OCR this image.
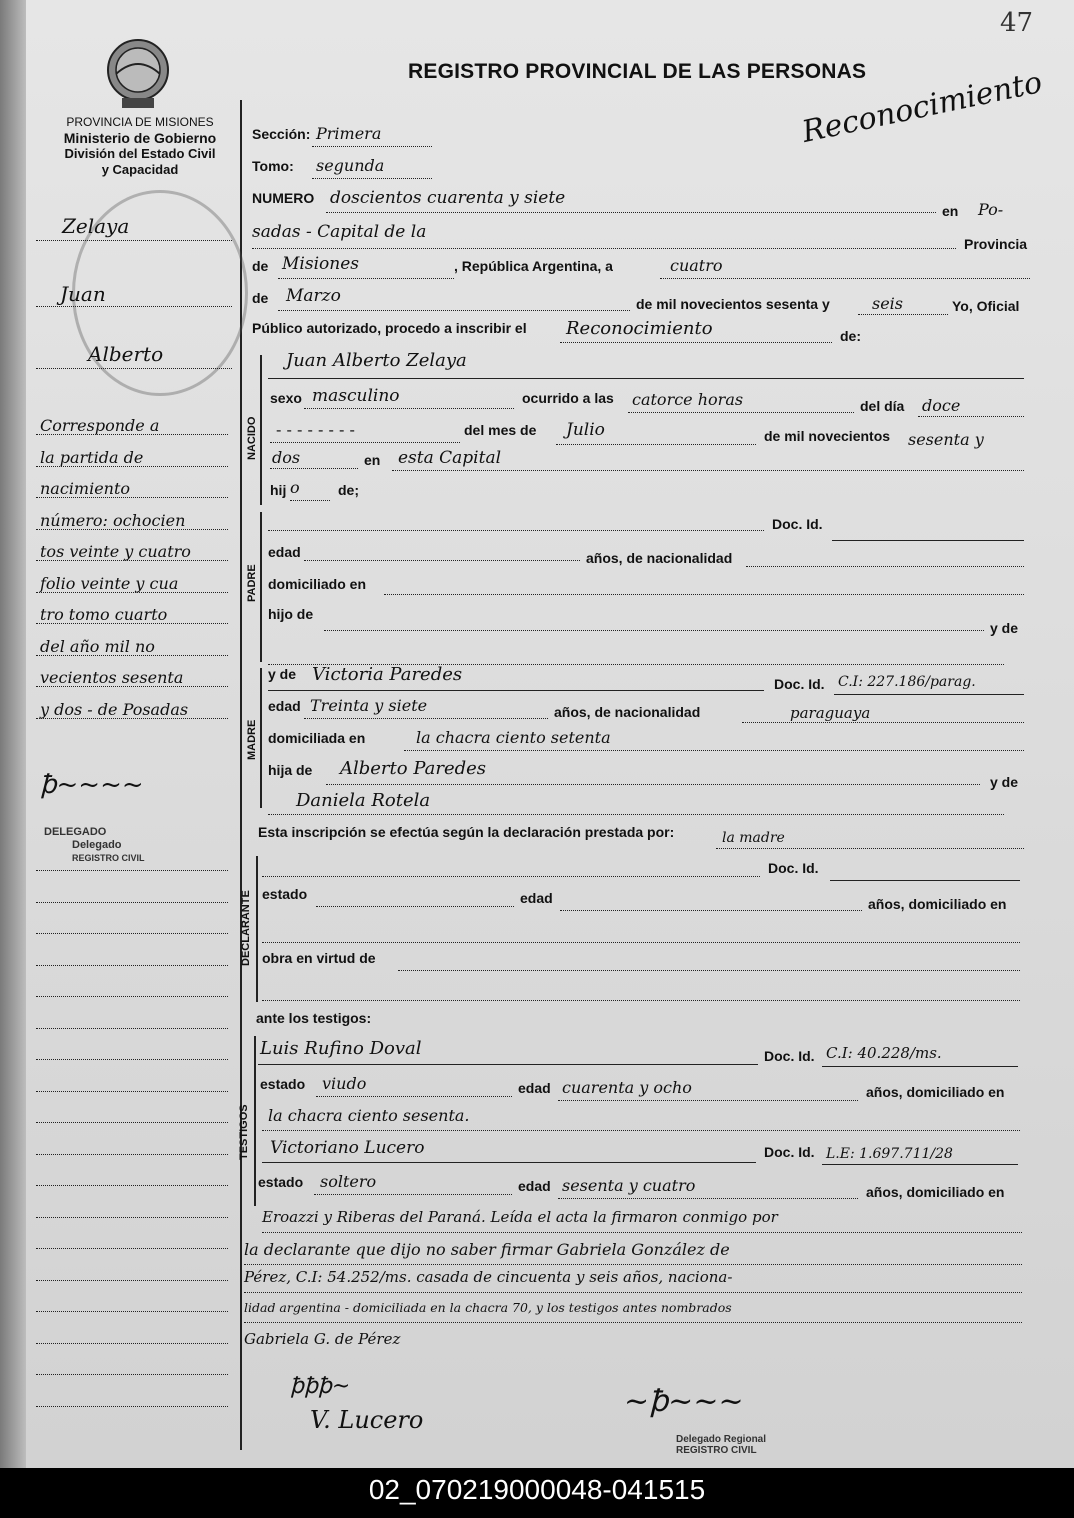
47
PROVINCIA DE MISIONES
Ministerio de Gobierno
División del Estado Civil
y Capacidad
REGISTRO PROVINCIAL DE LAS PERSONAS
Reconocimiento
Zelaya
Juan
Alberto
Corresponde a
la partida de
nacimiento
número: ochocien
tos veinte y cuatro
folio veinte y cua
tro tomo cuarto
del año mil no
vecientos sesenta
y dos - de Posadas
ꝥ~~~~
DELEGADO
Delegado
REGISTRO CIVIL
Sección: Primera
Tomo: segunda
NUMERO doscientos cuarenta y siete
en Po-
sadas - Capital de la
Provincia
de Misiones	, República Argentina, a	cuatro
de Marzo	de mil novecientos sesenta y	seis	Yo, Oficial
Público autorizado, procedo a inscribir el Reconocimiento	de:
NACIDO
Juan Alberto Zelaya
sexo masculino	ocurrido a las catorce horas	del día doce
- - - - - - - -	del mes de Julio	de mil novecientos sesenta y
dos	en esta Capital
hij o	de;
PADRE
Doc. Id.
edad	años, de nacionalidad
domiciliado en
hijo de
y de
MADRE
y de Victoria Paredes	Doc. Id. C.I: 227.186/parag.
edad Treinta y siete	años, de nacionalidad	paraguaya
domiciliada en	la chacra ciento setenta
hija de Alberto Paredes
y de
Daniela Rotela
Esta inscripción se efectúa según la declaración prestada por:	la madre
DECLARANTE
Doc. Id.
estado	edad	años, domiciliado en
obra en virtud de
ante los testigos:
TESTIGOS
Luis Rufino Doval	Doc. Id. C.I: 40.228/ms.
estado viudo	edad cuarenta y ocho	años, domiciliado en
la chacra ciento sesenta.
Victoriano Lucero	Doc. Id. L.E: 1.697.711/28
estado soltero	edad sesenta y cuatro	años, domiciliado en
Eroazzi y Riberas del Paraná. Leída el acta la firmaron conmigo por
la declarante que dijo no saber firmar Gabriela González de
Pérez, C.I: 54.252/ms. casada de cincuenta y seis años, naciona-
lidad argentina - domiciliada en la chacra 70, y los testigos antes nombrados
Gabriela G. de Pérez
ꝥꝥꝥ~
V. Lucero
~ꝥ~~~
Delegado Regional
REGISTRO CIVIL
02_070219000048-041515
